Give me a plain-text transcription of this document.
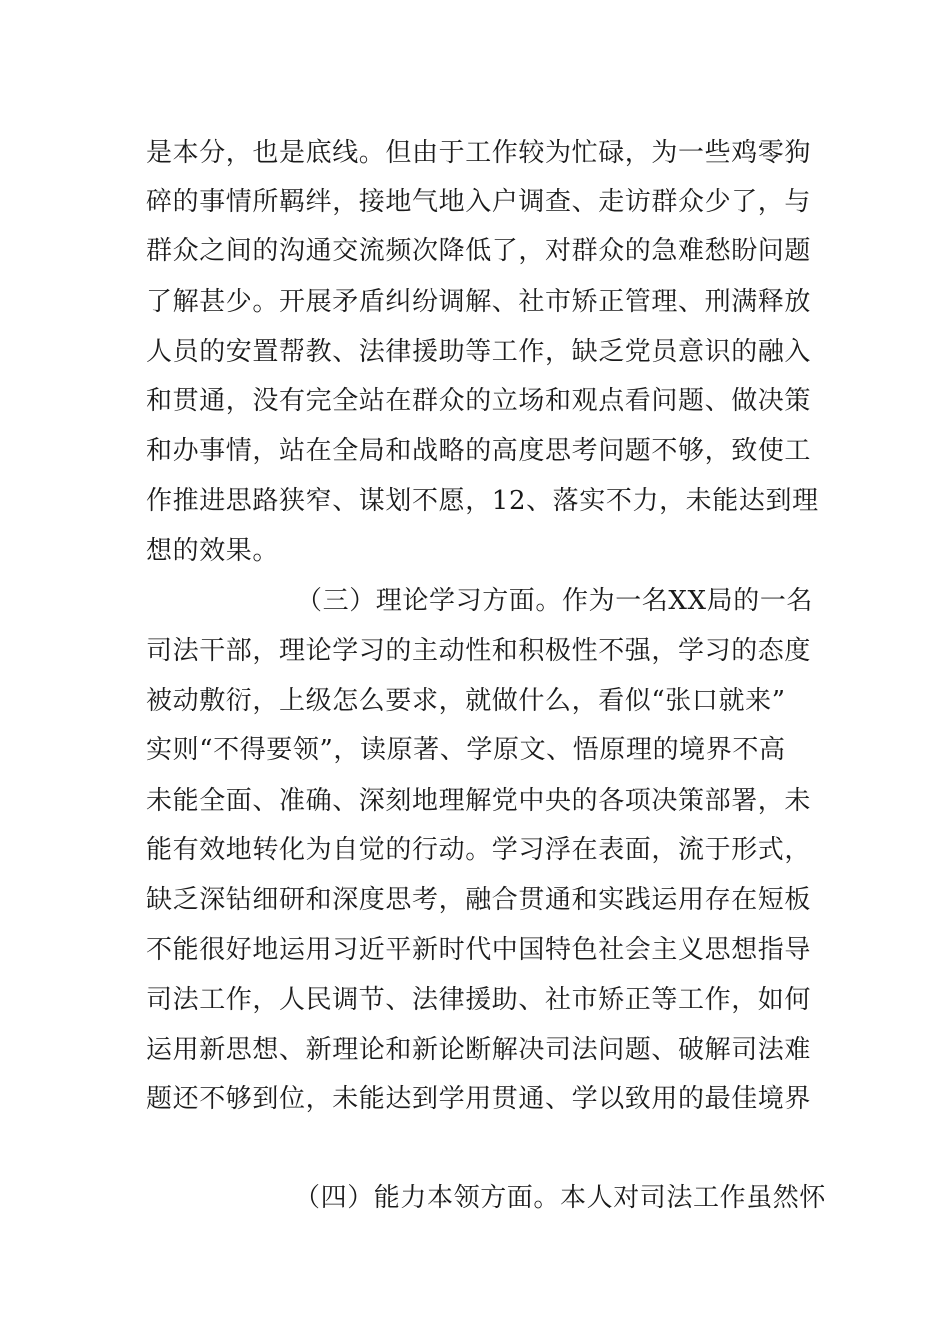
是本分，也是底线。但由于工作较为忙碌，为一些鸡零狗
碎的事情所羁绊，接地气地入户调查、走访群众少了，与
群众之间的沟通交流频次降低了，对群众的急难愁盼问题
了解甚少。开展矛盾纠纷调解、社市矫正管理、刑满释放
人员的安置帮教、法律援助等工作，缺乏党员意识的融入
和贯通，没有完全站在群众的立场和观点看问题、做决策
和办事情，站在全局和战略的高度思考问题不够，致使工
作推进思路狭窄、谋划不愿，12、落实不力，未能达到理
想的效果。
（三）理论学习方面。作为一名XX局的一名
司法干部，理论学习的主动性和积极性不强，学习的态度
被动敷衍，上级怎么要求，就做什么，看似“张口就来”
实则“不得要领”，读原著、学原文、悟原理的境界不高
未能全面、准确、深刻地理解党中央的各项决策部署，未
能有效地转化为自觉的行动。学习浮在表面，流于形式，
缺乏深钻细研和深度思考，融合贯通和实践运用存在短板
不能很好地运用习近平新时代中国特色社会主义思想指导
司法工作，人民调节、法律援助、社市矫正等工作，如何
运用新思想、新理论和新论断解决司法问题、破解司法难
题还不够到位，未能达到学用贯通、学以致用的最佳境界
（四）能力本领方面。本人对司法工作虽然怀
